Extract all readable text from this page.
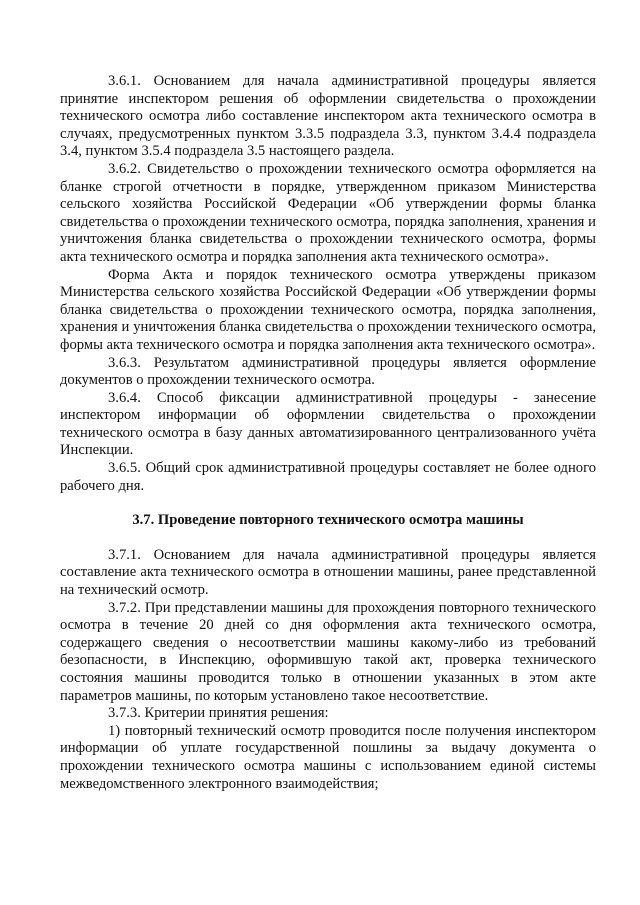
3.6.1. Основанием для начала административной процедуры является принятие инспектором решения об оформлении свидетельства о прохождении технического осмотра либо составление инспектором акта технического осмотра в случаях, предусмотренных пунктом 3.3.5 подраздела 3.3, пунктом 3.4.4 подраздела 3.4, пунктом 3.5.4 подраздела 3.5 настоящего раздела.

3.6.2. Свидетельство о прохождении технического осмотра оформляется на бланке строгой отчетности в порядке, утвержденном приказом Министерства сельского хозяйства Российской Федерации «Об утверждении формы бланка свидетельства о прохождении технического осмотра, порядка заполнения, хранения и уничтожения бланка свидетельства о прохождении технического осмотра, формы акта технического осмотра и порядка заполнения акта технического осмотра».

Форма Акта и порядок технического осмотра утверждены приказом Министерства сельского хозяйства Российской Федерации «Об утверждении формы бланка свидетельства о прохождении технического осмотра, порядка заполнения, хранения и уничтожения бланка свидетельства о прохождении технического осмотра, формы акта технического осмотра и порядка заполнения акта технического осмотра».

3.6.3. Результатом административной процедуры является оформление документов о прохождении технического осмотра.

3.6.4. Способ фиксации административной процедуры - занесение инспектором информации об оформлении свидетельства о прохождении технического осмотра в базу данных автоматизированного централизованного учёта Инспекции.

3.6.5. Общий срок административной процедуры составляет не более одного рабочего дня.

3.7. Проведение повторного технического осмотра машины

3.7.1. Основанием для начала административной процедуры является составление акта технического осмотра в отношении машины, ранее представленной на технический осмотр.

3.7.2. При представлении машины для прохождения повторного технического осмотра в течение 20 дней со дня оформления акта технического осмотра, содержащего сведения о несоответствии машины какому-либо из требований безопасности, в Инспекцию, оформившую такой акт, проверка технического состояния машины проводится только в отношении указанных в этом акте параметров машины, по которым установлено такое несоответствие.

3.7.3. Критерии принятия решения:

1) повторный технический осмотр проводится после получения инспектором информации об уплате государственной пошлины за выдачу документа о прохождении технического осмотра машины с использованием единой системы межведомственного электронного взаимодействия;
